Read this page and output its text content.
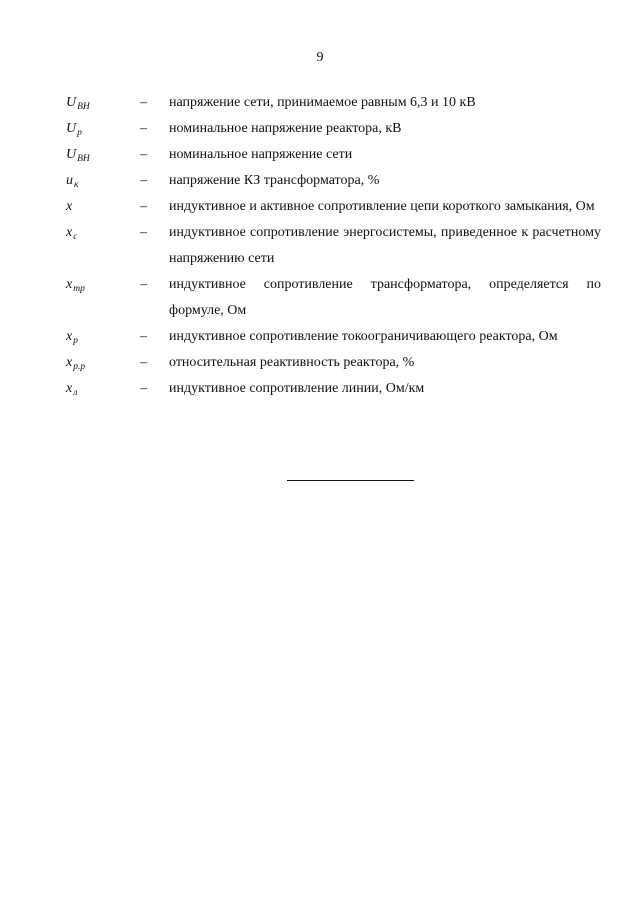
9
$U_{ВН}$	– напряжение сети, принимаемое равным 6,3 и 10 кВ
$U_р$	– номинальное напряжение реактора, кВ
$U_{ВН}$	– номинальное напряжение сети
$u_к$	– напряжение КЗ трансформатора, %
x	– индуктивное и активное сопротивление цепи короткого замыкания, Ом
$x_с$	– индуктивное сопротивление энергосистемы, приведенное к расчетному напряжению сети
$x_{тр}$	– индуктивное сопротивление трансформатора, определяется по формуле, Ом
$x_р$	– индуктивное сопротивление токоограничивающего реактора, Ом
$x_{р.р}$	– относительная реактивность реактора, %
$x_л$	– индуктивное сопротивление линии, Ом/км
